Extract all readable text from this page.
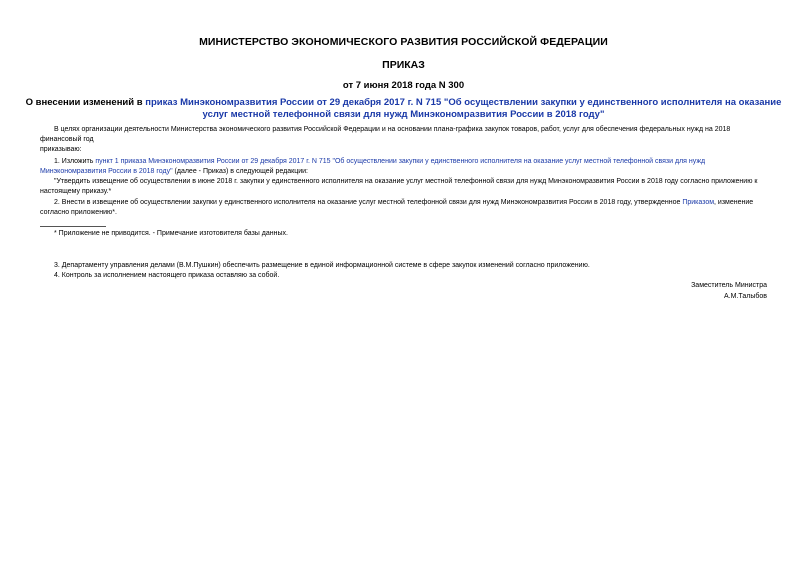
МИНИСТЕРСТВО ЭКОНОМИЧЕСКОГО РАЗВИТИЯ РОССИЙСКОЙ ФЕДЕРАЦИИ
ПРИКАЗ
от 7 июня 2018 года N 300
О внесении изменений в приказ Минэкономразвития России от 29 декабря 2017 г. N 715 "Об осуществлении закупки у единственного исполнителя на оказание
услуг местной телефонной связи для нужд Минэкономразвития России в 2018 году"

В целях организации деятельности Министерства экономического развития Российской Федерации и на основании плана-графика закупок товаров, работ, услуг для обеспечения федеральных нужд на 2018
финансовый год
приказываю:

1. Изложить пункт 1 приказа Минэкономразвития России от 29 декабря 2017 г. N 715 "Об осуществлении закупки у единственного исполнителя на оказание услуг местной телефонной связи для нужд
Минэкономразвития России в 2018 году" (далее - Приказ) в следующей редакции:

"Утвердить извещение об осуществлении в июне 2018 г. закупки у единственного исполнителя на оказание услуг местной телефонной связи для нужд Минэкономразвития России в 2018 году согласно приложению к
настоящему приказу.*

2. Внести в извещение об осуществлении закупки у единственного исполнителя на оказание услуг местной телефонной связи для нужд Минэкономразвития России в 2018 году, утвержденное Приказом, изменение
согласно приложению*.

* Приложение не приводится. - Примечание изготовителя базы данных.

3. Департаменту управления делами (В.М.Пушкин) обеспечить размещение в единой информационной системе в сфере закупок изменений согласно приложению.

4. Контроль за исполнением настоящего приказа оставляю за собой.

Заместитель Министра
А.М.Талыбов
